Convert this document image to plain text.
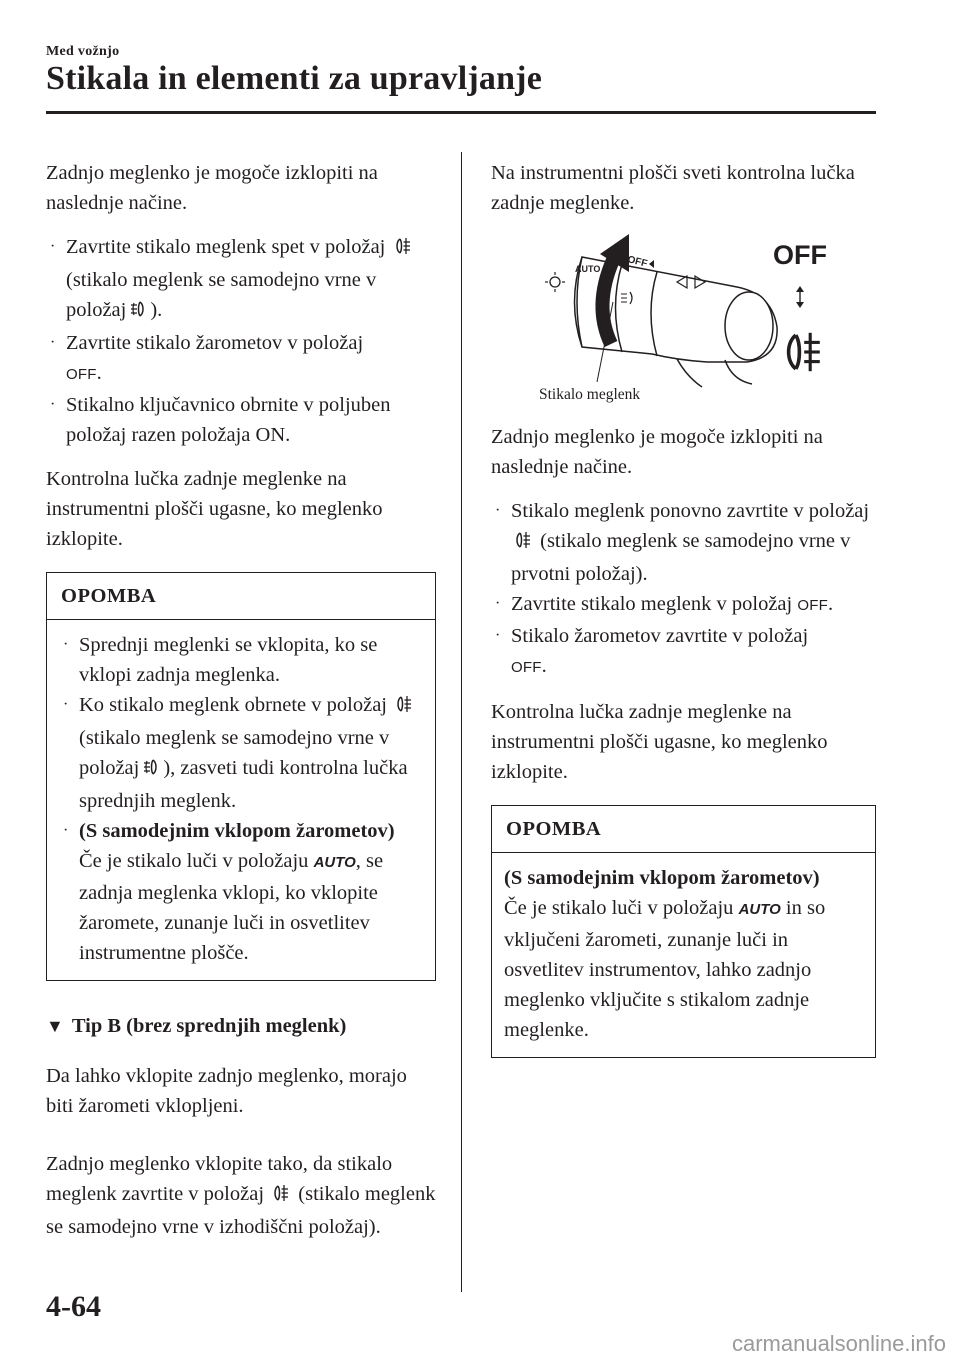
Med vožnjo
Stikala in elementi za upravljanje

Zadnjo meglenko je mogoče izklopiti na naslednje načine.

· Zavrtite stikalo meglenk spet v položaj  (stikalo meglenk se samodejno vrne v položaj ).
· Zavrtite stikalo žarometov v položaj
OFF.
· Stikalno ključavnico obrnite v poljuben položaj razen položaja ON.

Kontrolna lučka zadnje meglenke na instrumentni plošči ugasne, ko meglenko izklopite.

OPOMBA
· Sprednji meglenki se vklopita, ko se vklopi zadnja meglenka.
· Ko stikalo meglenk obrnete v položaj  (stikalo meglenk se samodejno vrne v položaj ), zasveti tudi kontrolna lučka sprednjih meglenk.
· (S samodejnim vklopom žarometov)
Če je stikalo luči v položaju AUTO, se zadnja meglenka vklopi, ko vklopite žaromete, zunanje luči in osvetlitev instrumentne plošče.
▼ Tip B (brez sprednjih meglenk)

Da lahko vklopite zadnjo meglenko, morajo biti žarometi vklopljeni.

Zadnjo meglenko vklopite tako, da stikalo meglenk zavrtite v položaj (stikalo meglenk se samodejno vrne v izhodiščni položaj).

Na instrumentni plošči sveti kontrolna lučka zadnje meglenke.

AUTO	OFF	OFF
Stikalo meglenk

Zadnjo meglenko je mogoče izklopiti na naslednje načine.

· Stikalo meglenk ponovno zavrtite v položaj  (stikalo meglenk se samodejno vrne v prvotni položaj).
· Zavrtite stikalo meglenk v položaj OFF.
· Stikalo žarometov zavrtite v položaj
OFF.

Kontrolna lučka zadnje meglenke na instrumentni plošči ugasne, ko meglenko izklopite.

OPOMBA
(S samodejnim vklopom žarometov)
Če je stikalo luči v položaju AUTO in so vključeni žarometi, zunanje luči in osvetlitev instrumentov, lahko zadnjo meglenko vključite s stikalom zadnje meglenke.
4-64
carmanualsonline.info
